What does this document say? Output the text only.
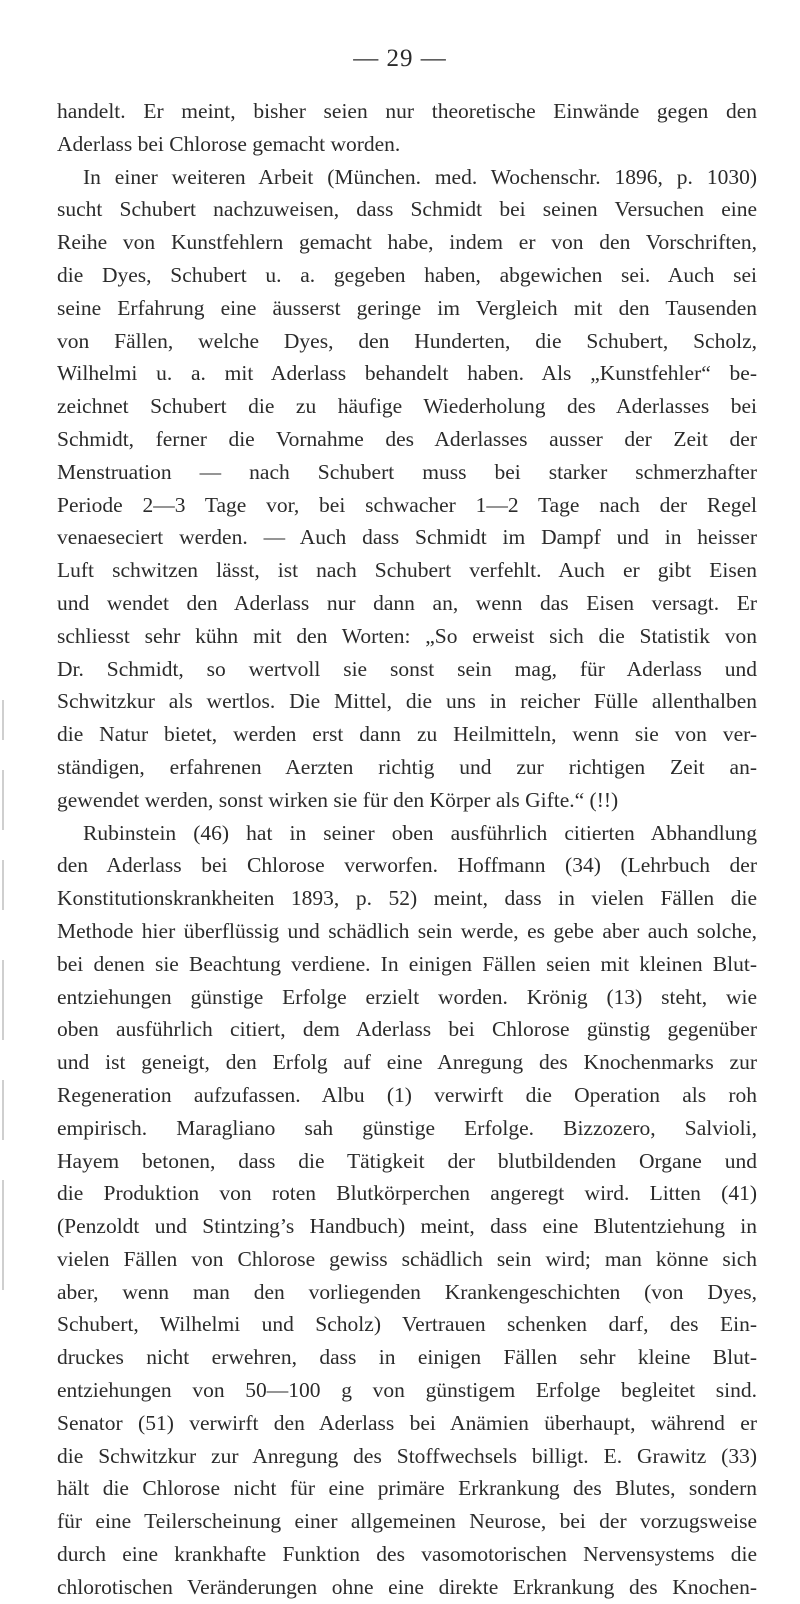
— 29 —
handelt. Er meint, bisher seien nur theoretische Einwände gegen den
Aderlass bei Chlorose gemacht worden.
In einer weiteren Arbeit (München. med. Wochenschr. 1896, p. 1030)
sucht Schubert nachzuweisen, dass Schmidt bei seinen Versuchen eine
Reihe von Kunstfehlern gemacht habe, indem er von den Vorschriften,
die Dyes, Schubert u. a. gegeben haben, abgewichen sei. Auch sei
seine Erfahrung eine äusserst geringe im Vergleich mit den Tausenden
von Fällen, welche Dyes, den Hunderten, die Schubert, Scholz,
Wilhelmi u. a. mit Aderlass behandelt haben. Als „Kunstfehler“ be-
zeichnet Schubert die zu häufige Wiederholung des Aderlasses bei
Schmidt, ferner die Vornahme des Aderlasses ausser der Zeit der
Menstruation — nach Schubert muss bei starker schmerzhafter
Periode 2—3 Tage vor, bei schwacher 1—2 Tage nach der Regel
venaeseciert werden. — Auch dass Schmidt im Dampf und in heisser
Luft schwitzen lässt, ist nach Schubert verfehlt. Auch er gibt Eisen
und wendet den Aderlass nur dann an, wenn das Eisen versagt. Er
schliesst sehr kühn mit den Worten: „So erweist sich die Statistik von
Dr. Schmidt, so wertvoll sie sonst sein mag, für Aderlass und
Schwitzkur als wertlos. Die Mittel, die uns in reicher Fülle allenthalben
die Natur bietet, werden erst dann zu Heilmitteln, wenn sie von ver-
ständigen, erfahrenen Aerzten richtig und zur richtigen Zeit an-
gewendet werden, sonst wirken sie für den Körper als Gifte.“ (!!)
Rubinstein (46) hat in seiner oben ausführlich citierten Abhandlung
den Aderlass bei Chlorose verworfen. Hoffmann (34) (Lehrbuch der
Konstitutionskrankheiten 1893, p. 52) meint, dass in vielen Fällen die
Methode hier überflüssig und schädlich sein werde, es gebe aber auch solche,
bei denen sie Beachtung verdiene. In einigen Fällen seien mit kleinen Blut-
entziehungen günstige Erfolge erzielt worden. Krönig (13) steht, wie
oben ausführlich citiert, dem Aderlass bei Chlorose günstig gegenüber
und ist geneigt, den Erfolg auf eine Anregung des Knochenmarks zur
Regeneration aufzufassen. Albu (1) verwirft die Operation als roh
empirisch. Maragliano sah günstige Erfolge. Bizzozero, Salvioli,
Hayem betonen, dass die Tätigkeit der blutbildenden Organe und
die Produktion von roten Blutkörperchen angeregt wird. Litten (41)
(Penzoldt und Stintzing’s Handbuch) meint, dass eine Blutentziehung in
vielen Fällen von Chlorose gewiss schädlich sein wird; man könne sich
aber, wenn man den vorliegenden Krankengeschichten (von Dyes,
Schubert, Wilhelmi und Scholz) Vertrauen schenken darf, des Ein-
druckes nicht erwehren, dass in einigen Fällen sehr kleine Blut-
entziehungen von 50—100 g von günstigem Erfolge begleitet sind.
Senator (51) verwirft den Aderlass bei Anämien überhaupt, während er
die Schwitzkur zur Anregung des Stoffwechsels billigt. E. Grawitz (33)
hält die Chlorose nicht für eine primäre Erkrankung des Blutes, sondern
für eine Teilerscheinung einer allgemeinen Neurose, bei der vorzugsweise
durch eine krankhafte Funktion des vasomotorischen Nervensystems die
chlorotischen Veränderungen ohne eine direkte Erkrankung des Knochen-
